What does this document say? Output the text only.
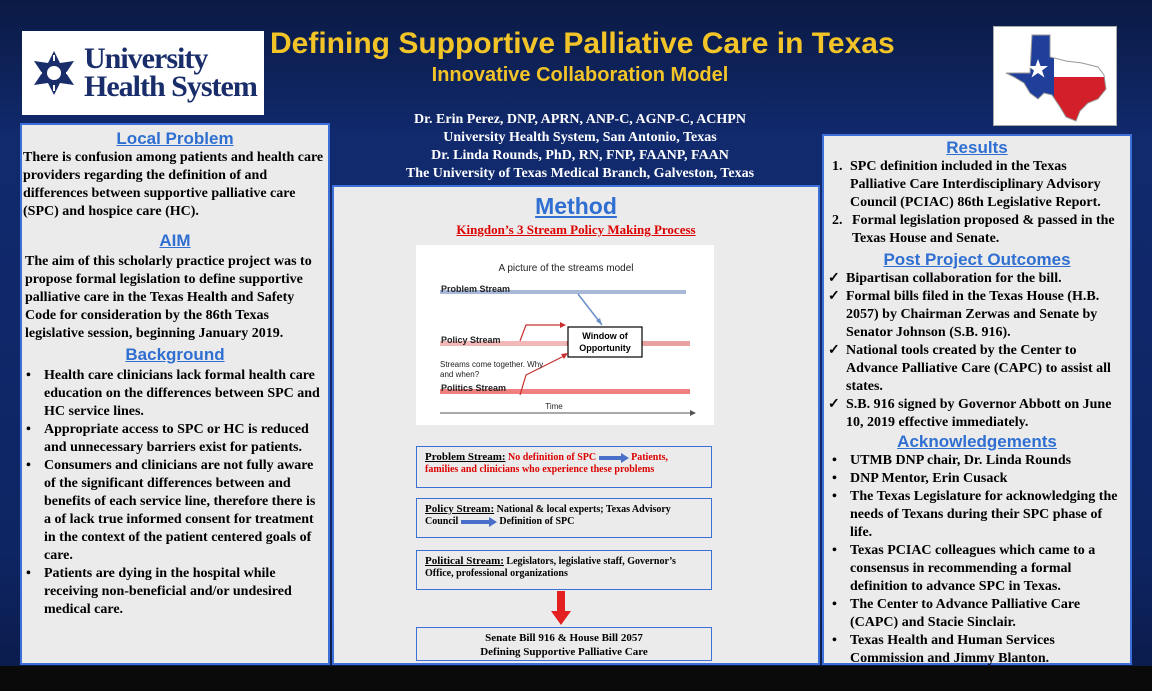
University
Health System
Defining Supportive Palliative Care in Texas
Innovative Collaboration Model
Dr. Erin Perez, DNP, APRN, ANP-C, AGNP-C, ACHPN
University Health System, San Antonio, Texas
Dr. Linda Rounds, PhD, RN, FNP, FAANP, FAAN
The University of Texas Medical Branch, Galveston, Texas
Local Problem
There is confusion among patients and health care providers regarding the definition of and differences between supportive palliative care (SPC) and hospice care (HC).
AIM
The aim of this scholarly practice project was to propose formal legislation to define supportive palliative care in the Texas Health and Safety Code for consideration by the 86th Texas legislative session, beginning January 2019.
Background
• Health care clinicians lack formal health care education on the differences between SPC and HC service lines.
• Appropriate access to SPC or HC is reduced and unnecessary barriers exist for patients.
• Consumers and clinicians are not fully aware of the significant differences between and benefits of each service line, therefore there is a of lack true informed consent for treatment in the context of the patient centered goals of care.
• Patients are dying in the hospital while receiving non-beneficial and/or undesired medical care.
Method
Kingdon’s 3 Stream Policy Making Process
A picture of the streams model
Problem Stream
Policy Stream
Politics Stream
Window of
Opportunity
Streams come together. Why
and when?
Time
Problem Stream: No definition of SPC	Patients,
families and clinicians who experience these problems
Policy Stream: National & local experts; Texas Advisory
Council	Definition of SPC
Political Stream: Legislators, legislative staff, Governor’s
Office, professional organizations
Senate Bill 916 & House Bill 2057
Defining Supportive Palliative Care
Results
1. SPC definition included in the Texas Palliative Care Interdisciplinary Advisory Council (PCIAC) 86th Legislative Report.
2. Formal legislation proposed & passed in the Texas House and Senate.
Post Project Outcomes
✓ Bipartisan collaboration for the bill.
✓ Formal bills filed in the Texas House (H.B. 2057) by Chairman Zerwas and Senate by Senator Johnson (S.B. 916).
✓ National tools created by the Center to Advance Palliative Care (CAPC) to assist all states.
✓ S.B. 916 signed by Governor Abbott on June 10, 2019 effective immediately.
Acknowledgements
• UTMB DNP chair, Dr. Linda Rounds
• DNP Mentor, Erin Cusack
• The Texas Legislature for acknowledging the needs of Texans during their SPC phase of life.
• Texas PCIAC colleagues which came to a consensus in recommending a formal definition to advance SPC in Texas.
• The Center to Advance Palliative Care (CAPC) and Stacie Sinclair.
• Texas Health and Human Services Commission and Jimmy Blanton.
